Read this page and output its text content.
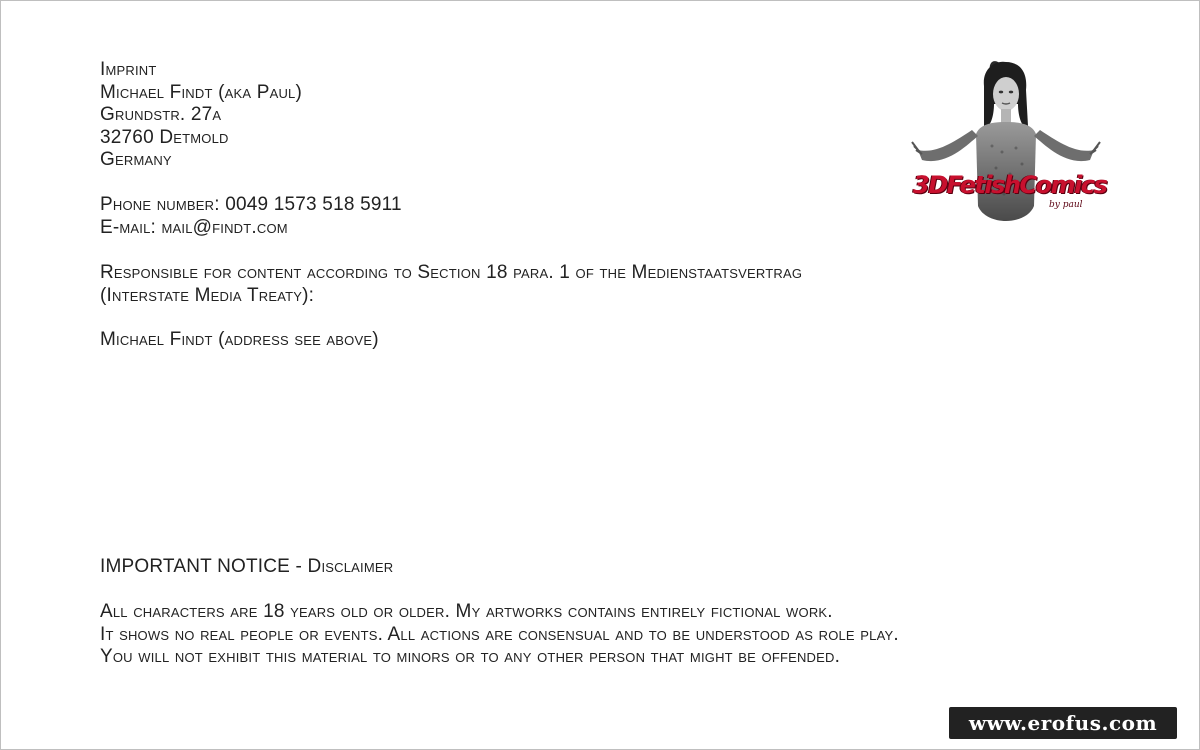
Imprint
Michael Findt (aka Paul)
Grundstr. 27a
32760 Detmold
Germany
Phone number: 0049 1573 518 5911
E-mail: mail@findt.com
Responsible for content according to Section 18 para. 1 of the Medienstaatsvertrag
(Interstate Media Treaty):
Michael Findt (address see above)
IMPORTANT NOTICE - Disclaimer
All characters are 18 years old or older. My artworks contains entirely fictional work.
It shows no real people or events. All actions are consensual and to be understood as role play.
You will not exhibit this material to minors or to any other person that might be offended.
3DFetishComics
by paul
www.erofus.com
